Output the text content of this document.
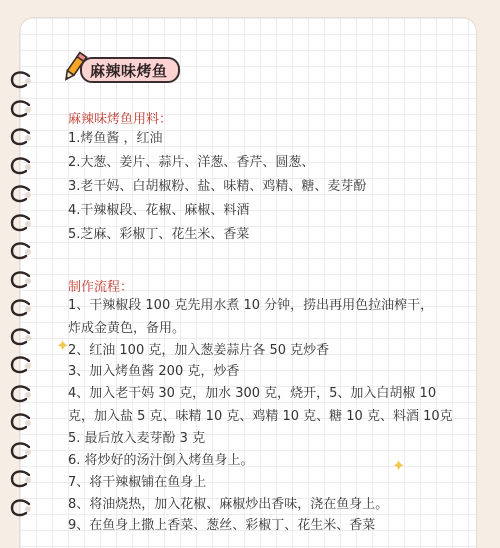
麻辣味烤鱼
麻辣味烤鱼用料：
1.烤鱼酱 ，红油
2.大葱、姜片、蒜片、洋葱、香芹、圆葱、
3.老干妈、白胡椒粉、盐、味精、鸡精、糖、麦芽酚
4.干辣椒段、花椒、麻椒、料酒
5.芝麻、彩椒丁、花生米、香菜
制作流程：
1、干辣椒段 100 克先用水煮 10 分钟，捞出再用色拉油榨干，
炸成金黄色，备用。
2、红油 100 克，加入葱姜蒜片各 50 克炒香
3、加入烤鱼酱 200 克，炒香
4、加入老干妈 30 克，加水 300 克，烧开，5、加入白胡椒 10
克，加入盐 5 克、味精 10 克、鸡精 10 克、糖 10 克、料酒 10克
5. 最后放入麦芽酚 3 克
6. 将炒好的汤汁倒入烤鱼身上。
7、将干辣椒铺在鱼身上
8、将油烧热，加入花椒、麻椒炒出香味，浇在鱼身上。
9、在鱼身上撒上香菜、葱丝、彩椒丁、花生米、香菜
✦
✦
